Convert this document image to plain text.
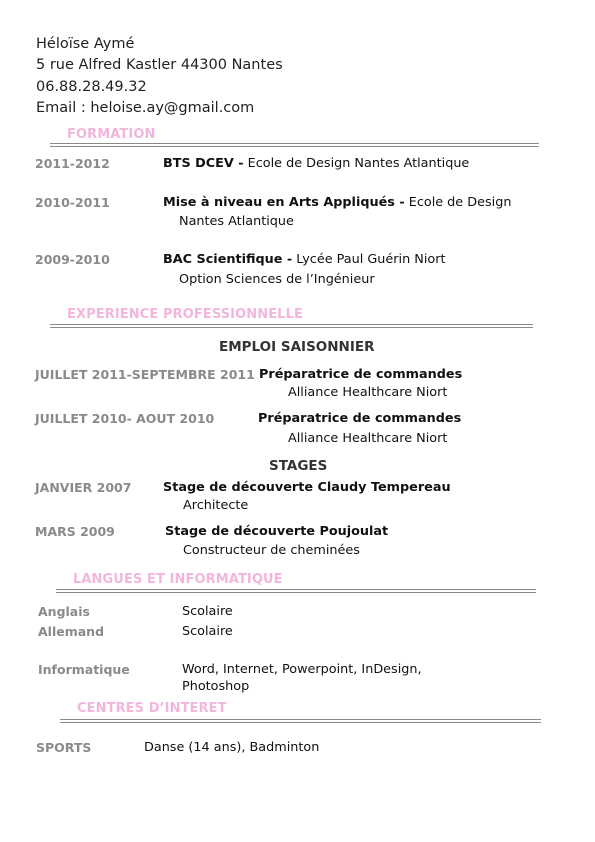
Héloïse Aymé
5 rue Alfred Kastler 44300 Nantes
06.88.28.49.32
Email : heloise.ay@gmail.com
FORMATION
2011-2012	BTS DCEV - Ecole de Design Nantes Atlantique
2010-2011	Mise à niveau en Arts Appliqués - Ecole de Design
Nantes Atlantique
2009-2010	BAC Scientifique - Lycée Paul Guérin Niort
Option Sciences de l’Ingénieur
EXPERIENCE PROFESSIONNELLE
EMPLOI SAISONNIER
JUILLET 2011-SEPTEMBRE 2011 Préparatrice de commandes
Alliance Healthcare Niort
JUILLET 2010- AOUT 2010	Préparatrice de commandes
Alliance Healthcare Niort
STAGES
JANVIER 2007 Stage de découverte Claudy Tempereau
Architecte
MARS 2009	Stage de découverte Poujoulat
Constructeur de cheminées
LANGUES ET INFORMATIQUE
Anglais	Scolaire
Allemand	Scolaire
Informatique	Word, Internet, Powerpoint, InDesign,
Photoshop
CENTRES D’INTERET
SPORTS	Danse (14 ans), Badminton
